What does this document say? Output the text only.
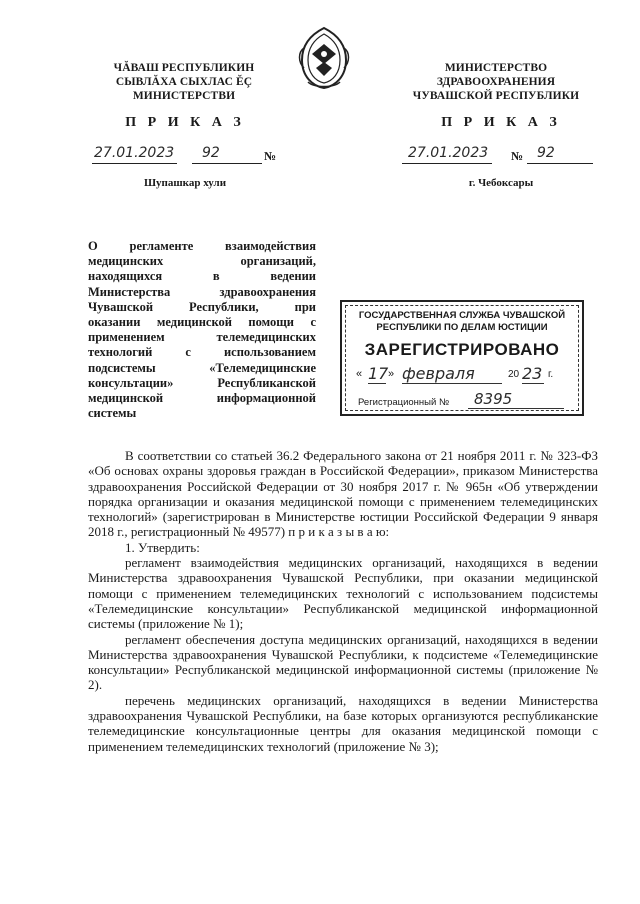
ЧĂВАШ РЕСПУБЛИКИН
СЫВЛĂХА СЫХЛАС ĔÇ
МИНИСТЕРСТВИ
МИНИСТЕРСТВО
ЗДРАВООХРАНЕНИЯ
ЧУВАШСКОЙ РЕСПУБЛИКИ
П Р И К А З	П Р И К А З
27.01.2023 92	№	27.01.2023 № 92
Шупашкар хули	г. Чебоксары
О регламенте взаимодействия
медицинских организаций,
находящихся в ведении
Министерства здравоохранения
Чувашской Республики, при
оказании медицинской помощи с
применением телемедицинских
технологий с использованием
подсистемы «Телемедицинские
консультации» Республиканской
медицинской информационной
системы
ГОСУДАРСТВЕННАЯ СЛУЖБА ЧУВАШСКОЙ
РЕСПУБЛИКИ ПО ДЕЛАМ ЮСТИЦИИ
ЗАРЕГИСТРИРОВАНО
« 17 » февраля	20 23 г.
Регистрационный №	8395

В соответствии со статьей 36.2 Федерального закона от 21 ноября 2011 г. № 323-ФЗ «Об основах охраны здоровья граждан в Российской Федерации», приказом Министерства здравоохранения Российской Федерации от 30 ноября 2017 г. № 965н «Об утверждении порядка организации и оказания медицинской помощи с применением телемедицинских технологий» (зарегистрирован в Министерстве юстиции Российской Федерации 9 января 2018 г., регистрационный № 49577) п р и к а з ы в а ю:

1. Утвердить:

регламент взаимодействия медицинских организаций, находящихся в ведении Министерства здравоохранения Чувашской Республики, при оказании медицинской помощи с применением телемедицинских технологий с использованием подсистемы «Телемедицинские консультации» Республиканской медицинской информационной системы (приложение № 1);

регламент обеспечения доступа медицинских организаций, находящихся в ведении Министерства здравоохранения Чувашской Республики, к подсистеме «Телемедицинские консультации» Республиканской медицинской информационной системы (приложение № 2).

перечень медицинских организаций, находящихся в ведении Министерства здравоохранения Чувашской Республики, на базе которых организуются республиканские телемедицинские консультационные центры для оказания медицинской помощи с применением телемедицинских технологий (приложение № 3);
